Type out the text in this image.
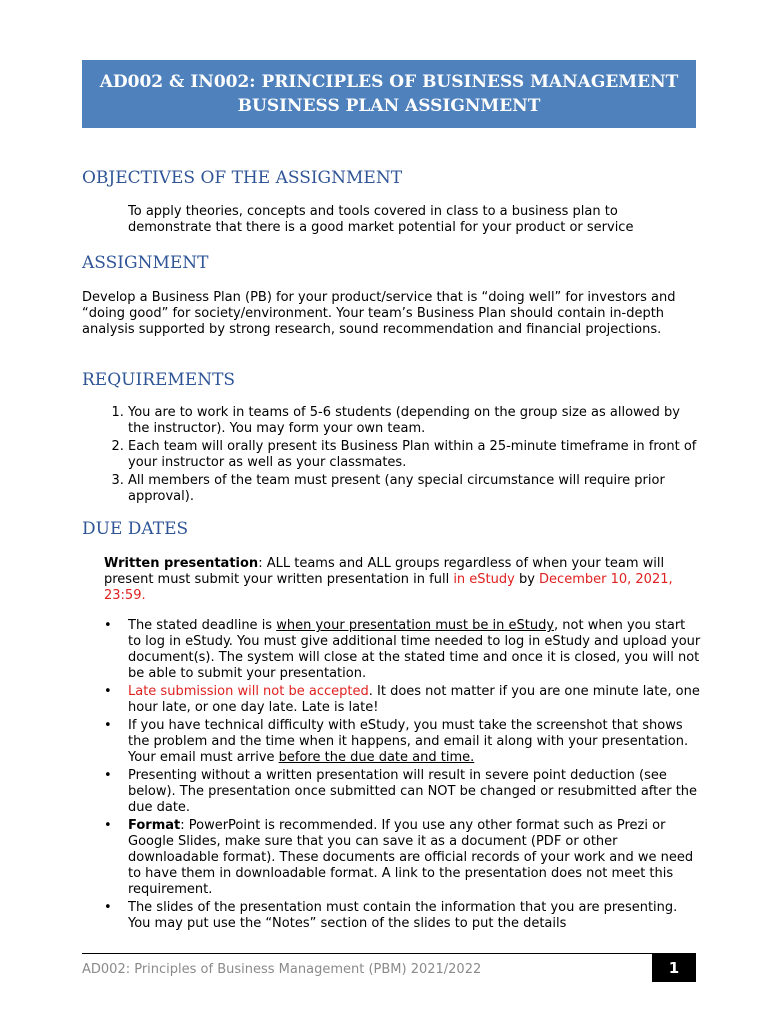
AD002 & IN002: PRINCIPLES OF BUSINESS MANAGEMENT
BUSINESS PLAN ASSIGNMENT
OBJECTIVES OF THE ASSIGNMENT

To apply theories, concepts and tools covered in class to a business plan to demonstrate that there is a good market potential for your product or service

ASSIGNMENT

Develop a Business Plan (PB) for your product/service that is “doing well” for investors and “doing good” for society/environment. Your team’s Business Plan should contain in-depth analysis supported by strong research, sound recommendation and financial projections.

REQUIREMENTS
1. You are to work in teams of 5-6 students (depending on the group size as allowed by the instructor). You may form your own team.
2. Each team will orally present its Business Plan within a 25-minute timeframe in front of your instructor as well as your classmates.
3. All members of the team must present (any special circumstance will require prior approval).
DUE DATES

Written presentation: ALL teams and ALL groups regardless of when your team will present must submit your written presentation in full in eStudy by December 10, 2021, 23:59.

• The stated deadline is when your presentation must be in eStudy, not when you start to log in eStudy. You must give additional time needed to log in eStudy and upload your document(s). The system will close at the stated time and once it is closed, you will not be able to submit your presentation.
• Late submission will not be accepted. It does not matter if you are one minute late, one hour late, or one day late. Late is late!
• If you have technical difficulty with eStudy, you must take the screenshot that shows the problem and the time when it happens, and email it along with your presentation. Your email must arrive before the due date and time.
• Presenting without a written presentation will result in severe point deduction (see below). The presentation once submitted can NOT be changed or resubmitted after the due date.
• Format: PowerPoint is recommended. If you use any other format such as Prezi or Google Slides, make sure that you can save it as a document (PDF or other downloadable format). These documents are official records of your work and we need to have them in downloadable format. A link to the presentation does not meet this requirement.
• The slides of the presentation must contain the information that you are presenting. You may put use the “Notes” section of the slides to put the details
AD002: Principles of Business Management (PBM) 2021/2022	1
